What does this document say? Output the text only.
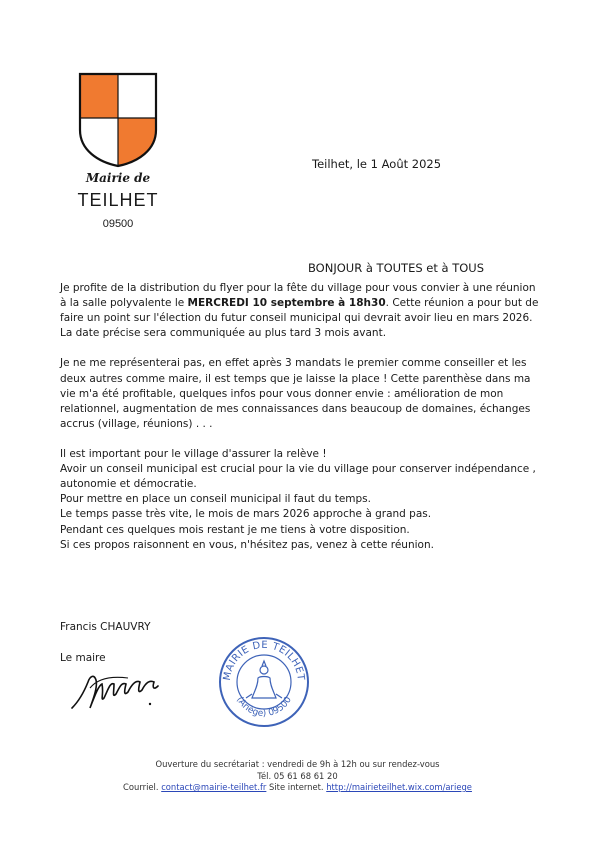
Mairie de
TEILHET
09500
Teilhet, le 1 Août 2025
BONJOUR à TOUTES et à TOUS

Je profite de la distribution du flyer pour la fête du village pour vous convier à une réunion à la salle polyvalente le MERCREDI 10 septembre à 18h30. Cette réunion a pour but de faire un point sur l'élection du futur conseil municipal qui devrait avoir lieu en mars 2026. La date précise sera communiquée au plus tard 3 mois avant.

Je ne me représenterai pas, en effet après 3 mandats le premier comme conseiller et les deux autres comme maire, il est temps que je laisse la place ! Cette parenthèse dans ma vie m'a été profitable, quelques infos pour vous donner envie : amélioration de mon relationnel, augmentation de mes connaissances dans beaucoup de domaines, échanges accrus (village, réunions) . . .

Il est important pour le village d'assurer la relève !
Avoir un conseil municipal est crucial pour la vie du village pour conserver indépendance ,
autonomie et démocratie.
Pour mettre en place un conseil municipal il faut du temps.
Le temps passe très vite, le mois de mars 2026 approche à grand pas.
Pendant ces quelques mois restant je me tiens à votre disposition.
Si ces propos raisonnent en vous, n'hésitez pas, venez à cette réunion.
Francis CHAUVRY
Le maire
MAIRIE DE TEILHET
(Ariège) 09500
Ouverture du secrétariat : vendredi de 9h à 12h ou sur rendez-vous
Tél. 05 61 68 61 20
Courriel. contact@mairie-teilhet.fr Site internet. http://mairieteilhet.wix.com/ariege
